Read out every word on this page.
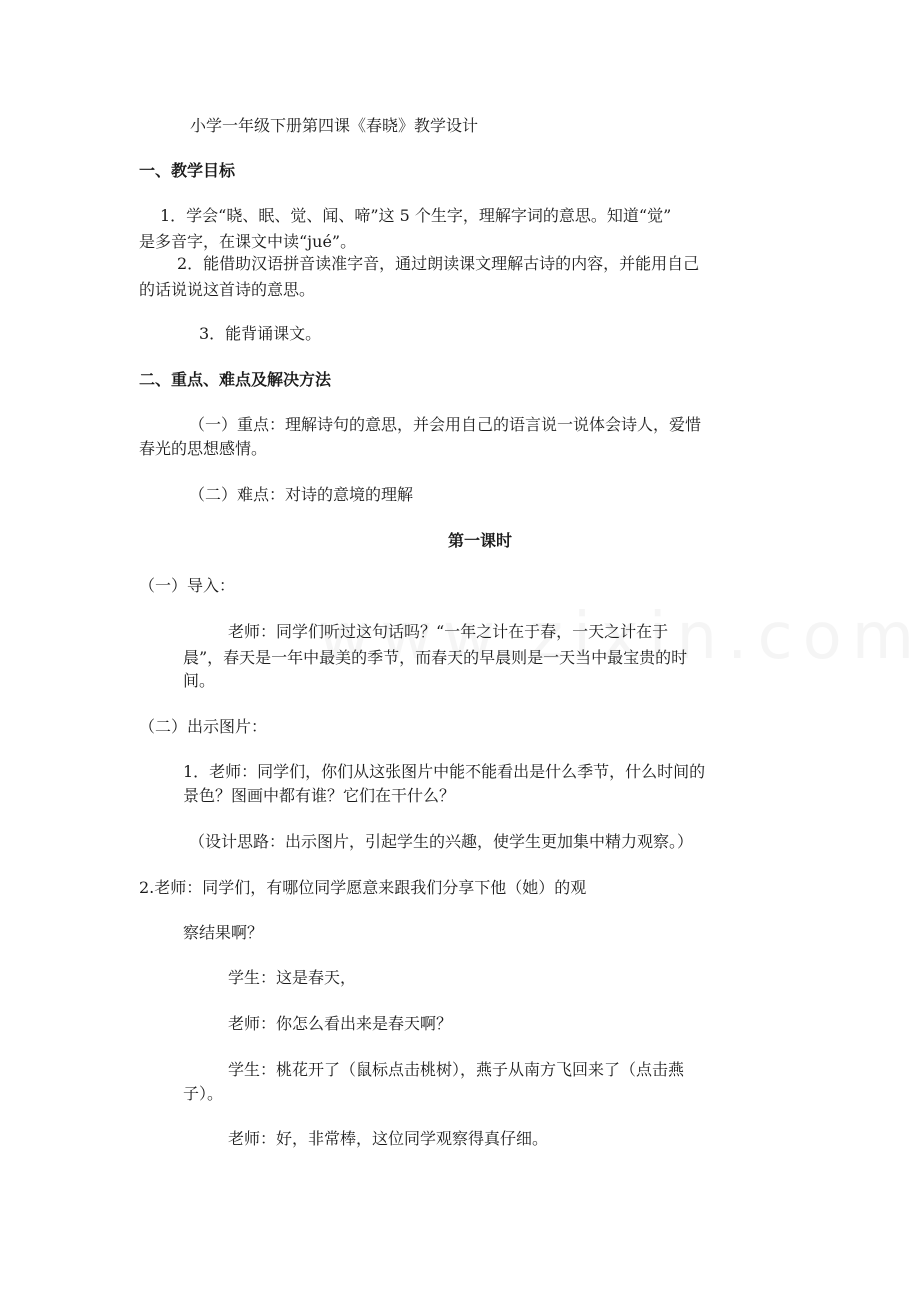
小学一年级下册第四课《春晓》教学设计
一、教学目标
1．学会“晓、眠、觉、闻、啼”这 5 个生字，理解字词的意思。知道“觉”
是多音字，在课文中读“jué”。
2．能借助汉语拼音读准字音，通过朗读课文理解古诗的内容，并能用自己
的话说说这首诗的意思。
3．能背诵课文。
二、重点、难点及解决方法
（一）重点：理解诗句的意思，并会用自己的语言说一说体会诗人，爱惜
春光的思想感情。
（二）难点：对诗的意境的理解
第一课时
（一）导入：
老师：同学们听过这句话吗？“一年之计在于春，一天之计在于
晨”，春天是一年中最美的季节，而春天的早晨则是一天当中最宝贵的时
间。
（二）出示图片：
1．老师：同学们，你们从这张图片中能不能看出是什么季节，什么时间的
景色？图画中都有谁？它们在干什么？
（设计思路：出示图片，引起学生的兴趣，使学生更加集中精力观察。）
2.老师：同学们，有哪位同学愿意来跟我们分享下他（她）的观
察结果啊？
学生：这是春天，
老师：你怎么看出来是春天啊？
学生：桃花开了（鼠标点击桃树），燕子从南方飞回来了（点击燕
子）。
老师：好，非常棒，这位同学观察得真仔细。
